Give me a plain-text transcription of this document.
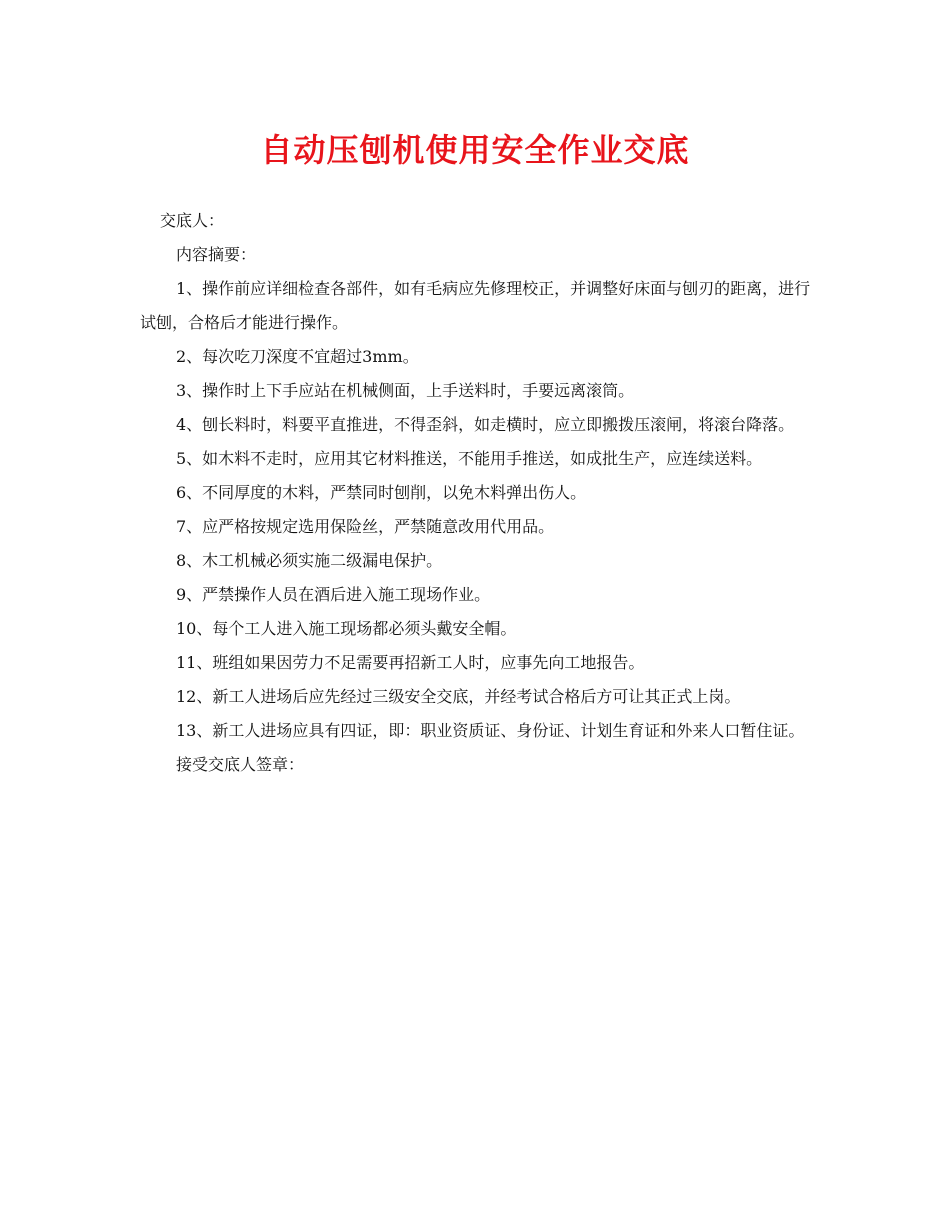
自动压刨机使用安全作业交底

交底人：

内容摘要：

1、操作前应详细检查各部件，如有毛病应先修理校正，并调整好床面与刨刃的距离，进行试刨，合格后才能进行操作。

2、每次吃刀深度不宜超过3mm。

3、操作时上下手应站在机械侧面，上手送料时，手要远离滚筒。

4、刨长料时，料要平直推进，不得歪斜，如走横时，应立即搬拨压滚闸，将滚台降落。

5、如木料不走时，应用其它材料推送，不能用手推送，如成批生产，应连续送料。

6、不同厚度的木料，严禁同时刨削，以免木料弹出伤人。

7、应严格按规定选用保险丝，严禁随意改用代用品。

8、木工机械必须实施二级漏电保护。

9、严禁操作人员在酒后进入施工现场作业。

10、每个工人进入施工现场都必须头戴安全帽。

11、班组如果因劳力不足需要再招新工人时，应事先向工地报告。

12、新工人进场后应先经过三级安全交底，并经考试合格后方可让其正式上岗。

13、新工人进场应具有四证，即：职业资质证、身份证、计划生育证和外来人口暂住证。

接受交底人签章：
